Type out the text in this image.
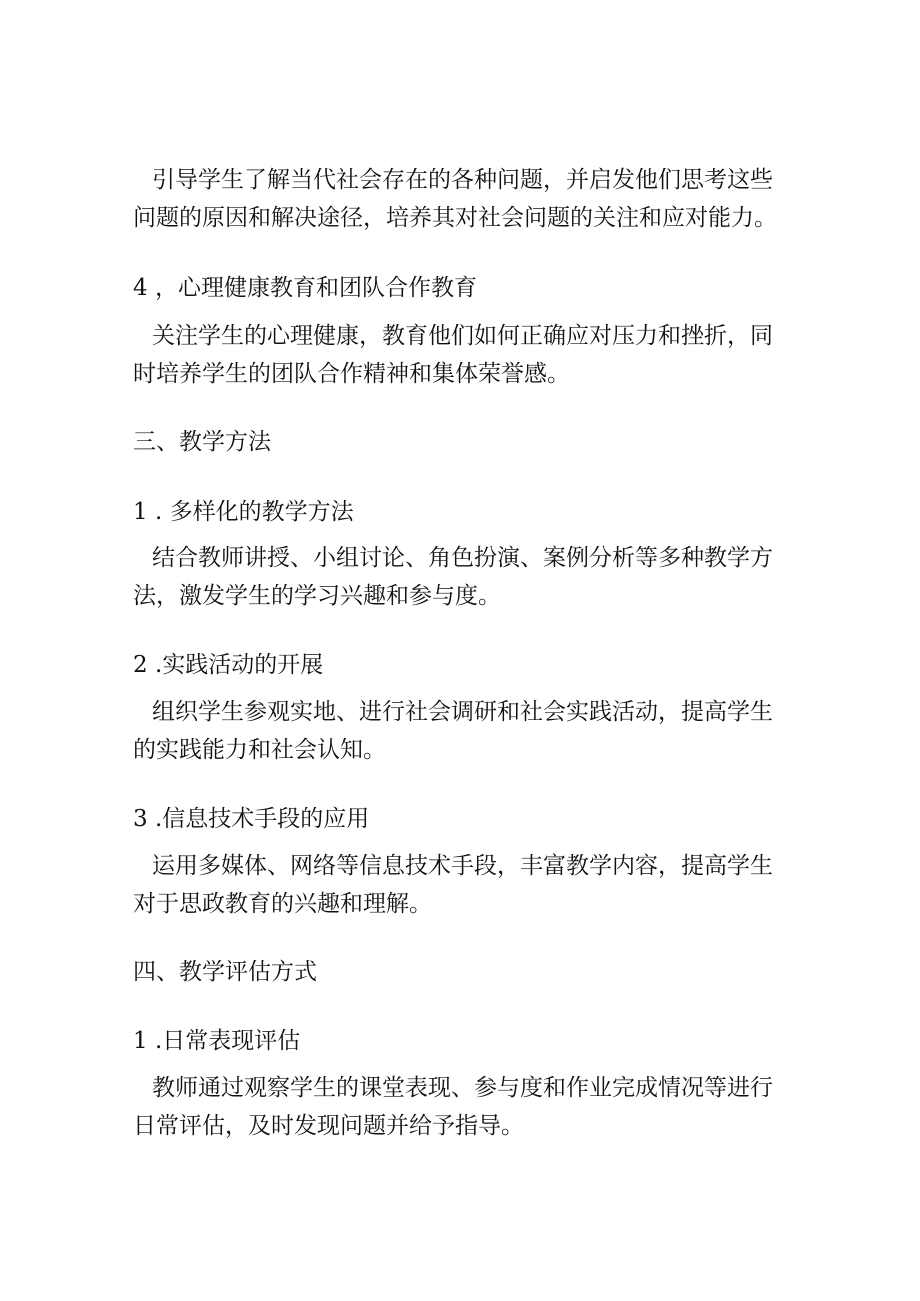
引导学生了解当代社会存在的各种问题，并启发他们思考这些
问题的原因和解决途径，培养其对社会问题的关注和应对能力。
4 ，心理健康教育和团队合作教育
关注学生的心理健康，教育他们如何正确应对压力和挫折，同
时培养学生的团队合作精神和集体荣誉感。
三、教学方法
1 . 多样化的教学方法
结合教师讲授、小组讨论、角色扮演、案例分析等多种教学方
法，激发学生的学习兴趣和参与度。
2 .实践活动的开展
组织学生参观实地、进行社会调研和社会实践活动，提高学生
的实践能力和社会认知。
3 .信息技术手段的应用
运用多媒体、网络等信息技术手段，丰富教学内容，提高学生
对于思政教育的兴趣和理解。
四、教学评估方式
1 .日常表现评估
教师通过观察学生的课堂表现、参与度和作业完成情况等进行
日常评估，及时发现问题并给予指导。
